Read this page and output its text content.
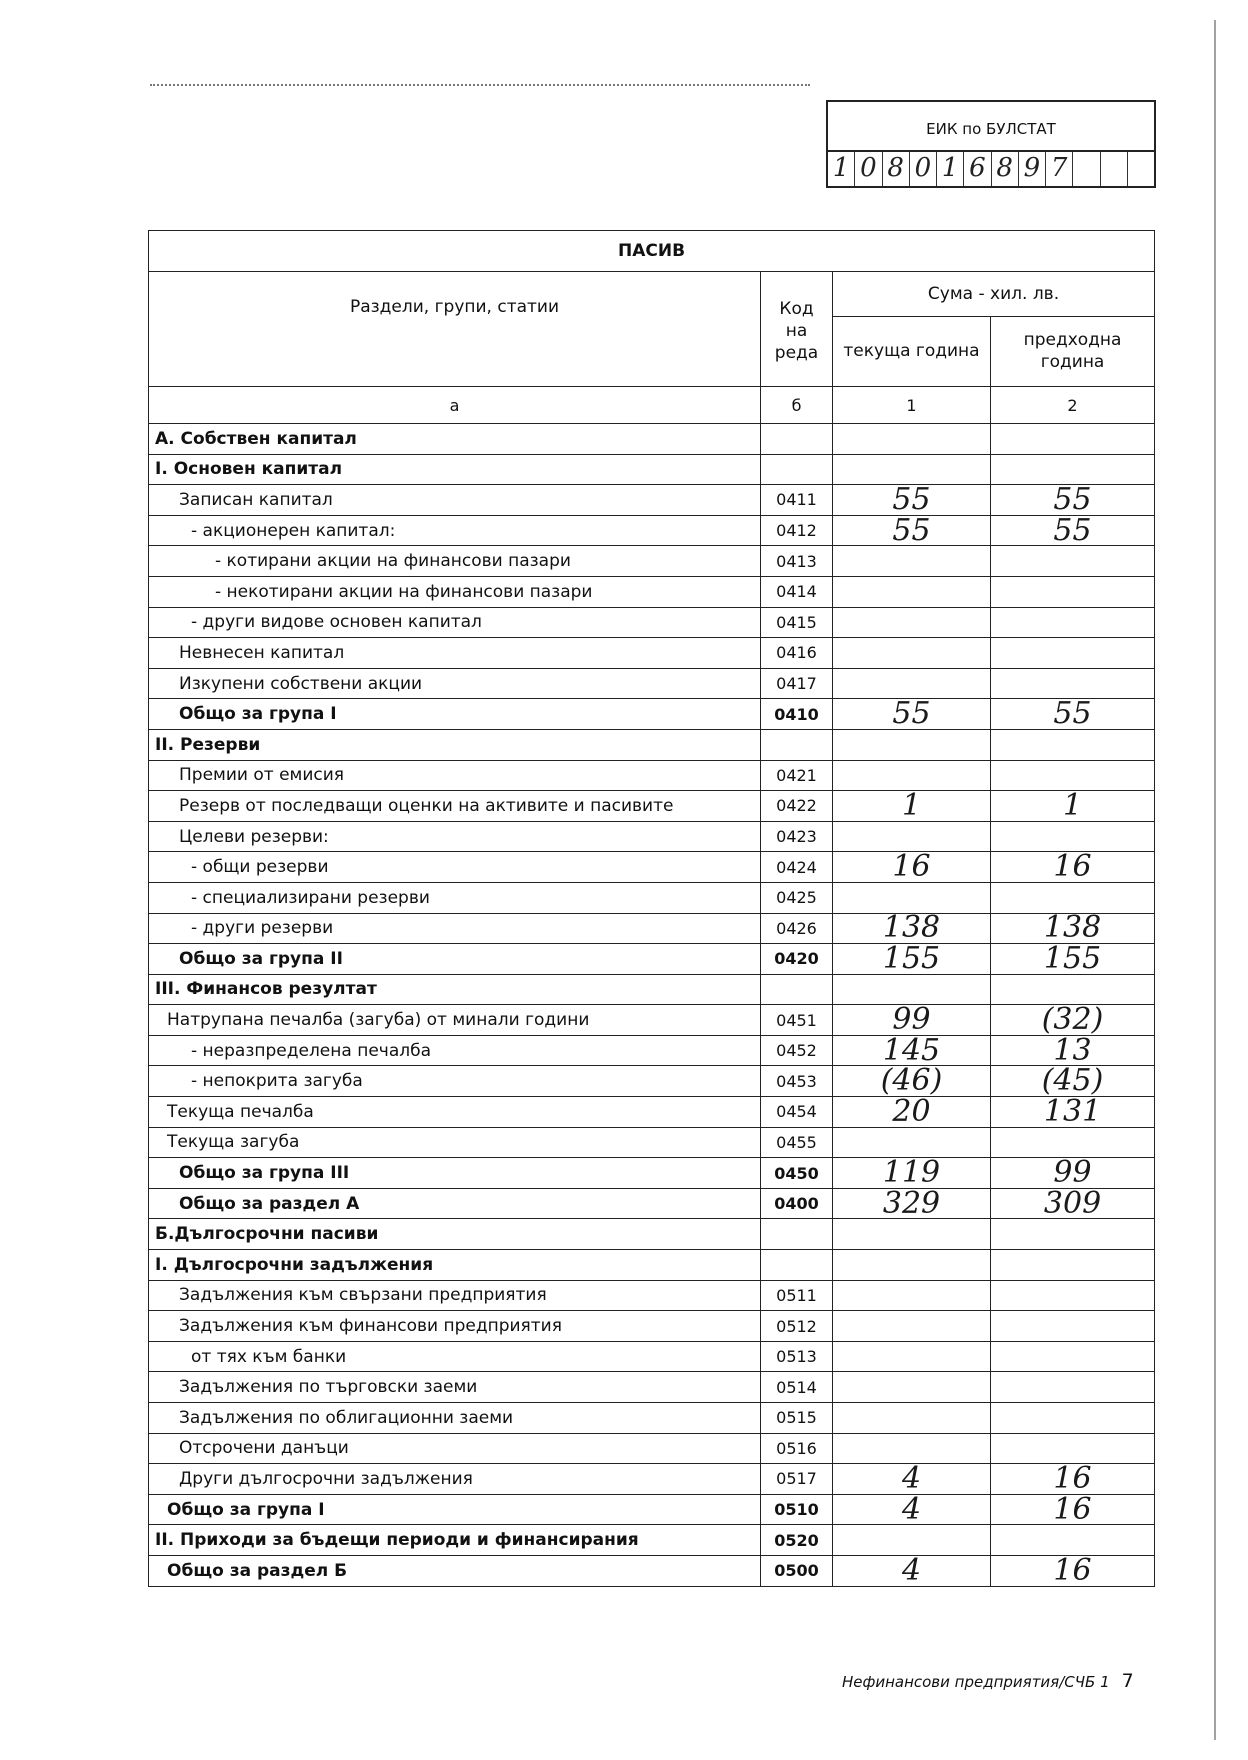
ЕИК по БУЛСТАТ
1 0 8 0 1 6 8 9 7
ПАСИВ			
Раздели, групи, статии	Код на реда	Сума - хил. лв.	
		текуща година	предходна година
а	б	1	2
А. Собствен капитал			
I. Основен капитал			
Записан капитал	0411	55	55
- акционерен капитал:	0412	55	55
- котирани акции на финансови пазари	0413		
- некотирани акции на финансови пазари	0414		
- други видове основен капитал	0415		
Невнесен капитал	0416		
Изкупени собствени акции	0417		
Общо за група I	0410	55	55
II. Резерви			
Премии от емисия	0421		
Резерв от последващи оценки на активите и пасивите	0422	1	1
Целеви резерви:	0423		
- общи резерви	0424	16	16
- специализирани резерви	0425		
- други резерви	0426	138	138
Общо за група II	0420	155	155
III. Финансов резултат			
Натрупана печалба (загуба) от минали години	0451	99	(32)
- неразпределена печалба	0452	145	13
- непокрита загуба	0453	(46)	(45)
Текуща печалба	0454	20	131
Текуща загуба	0455		
Общо за група III	0450	119	99
Общо за раздел А	0400	329	309
Б.Дългосрочни пасиви			
I. Дългосрочни задължения			
Задължения към свързани предприятия	0511		
Задължения към финансови предприятия	0512		
от тях към банки	0513		
Задължения по търговски заеми	0514		
Задължения по облигационни заеми	0515		
Отсрочени данъци	0516		
Други дългосрочни задължения	0517	4	16
Общо за група I	0510	4	16
II. Приходи за бъдещи периоди и финансирания	0520		
Общо за раздел Б	0500	4	16
Нефинансови предприятия/СЧБ 1 7
